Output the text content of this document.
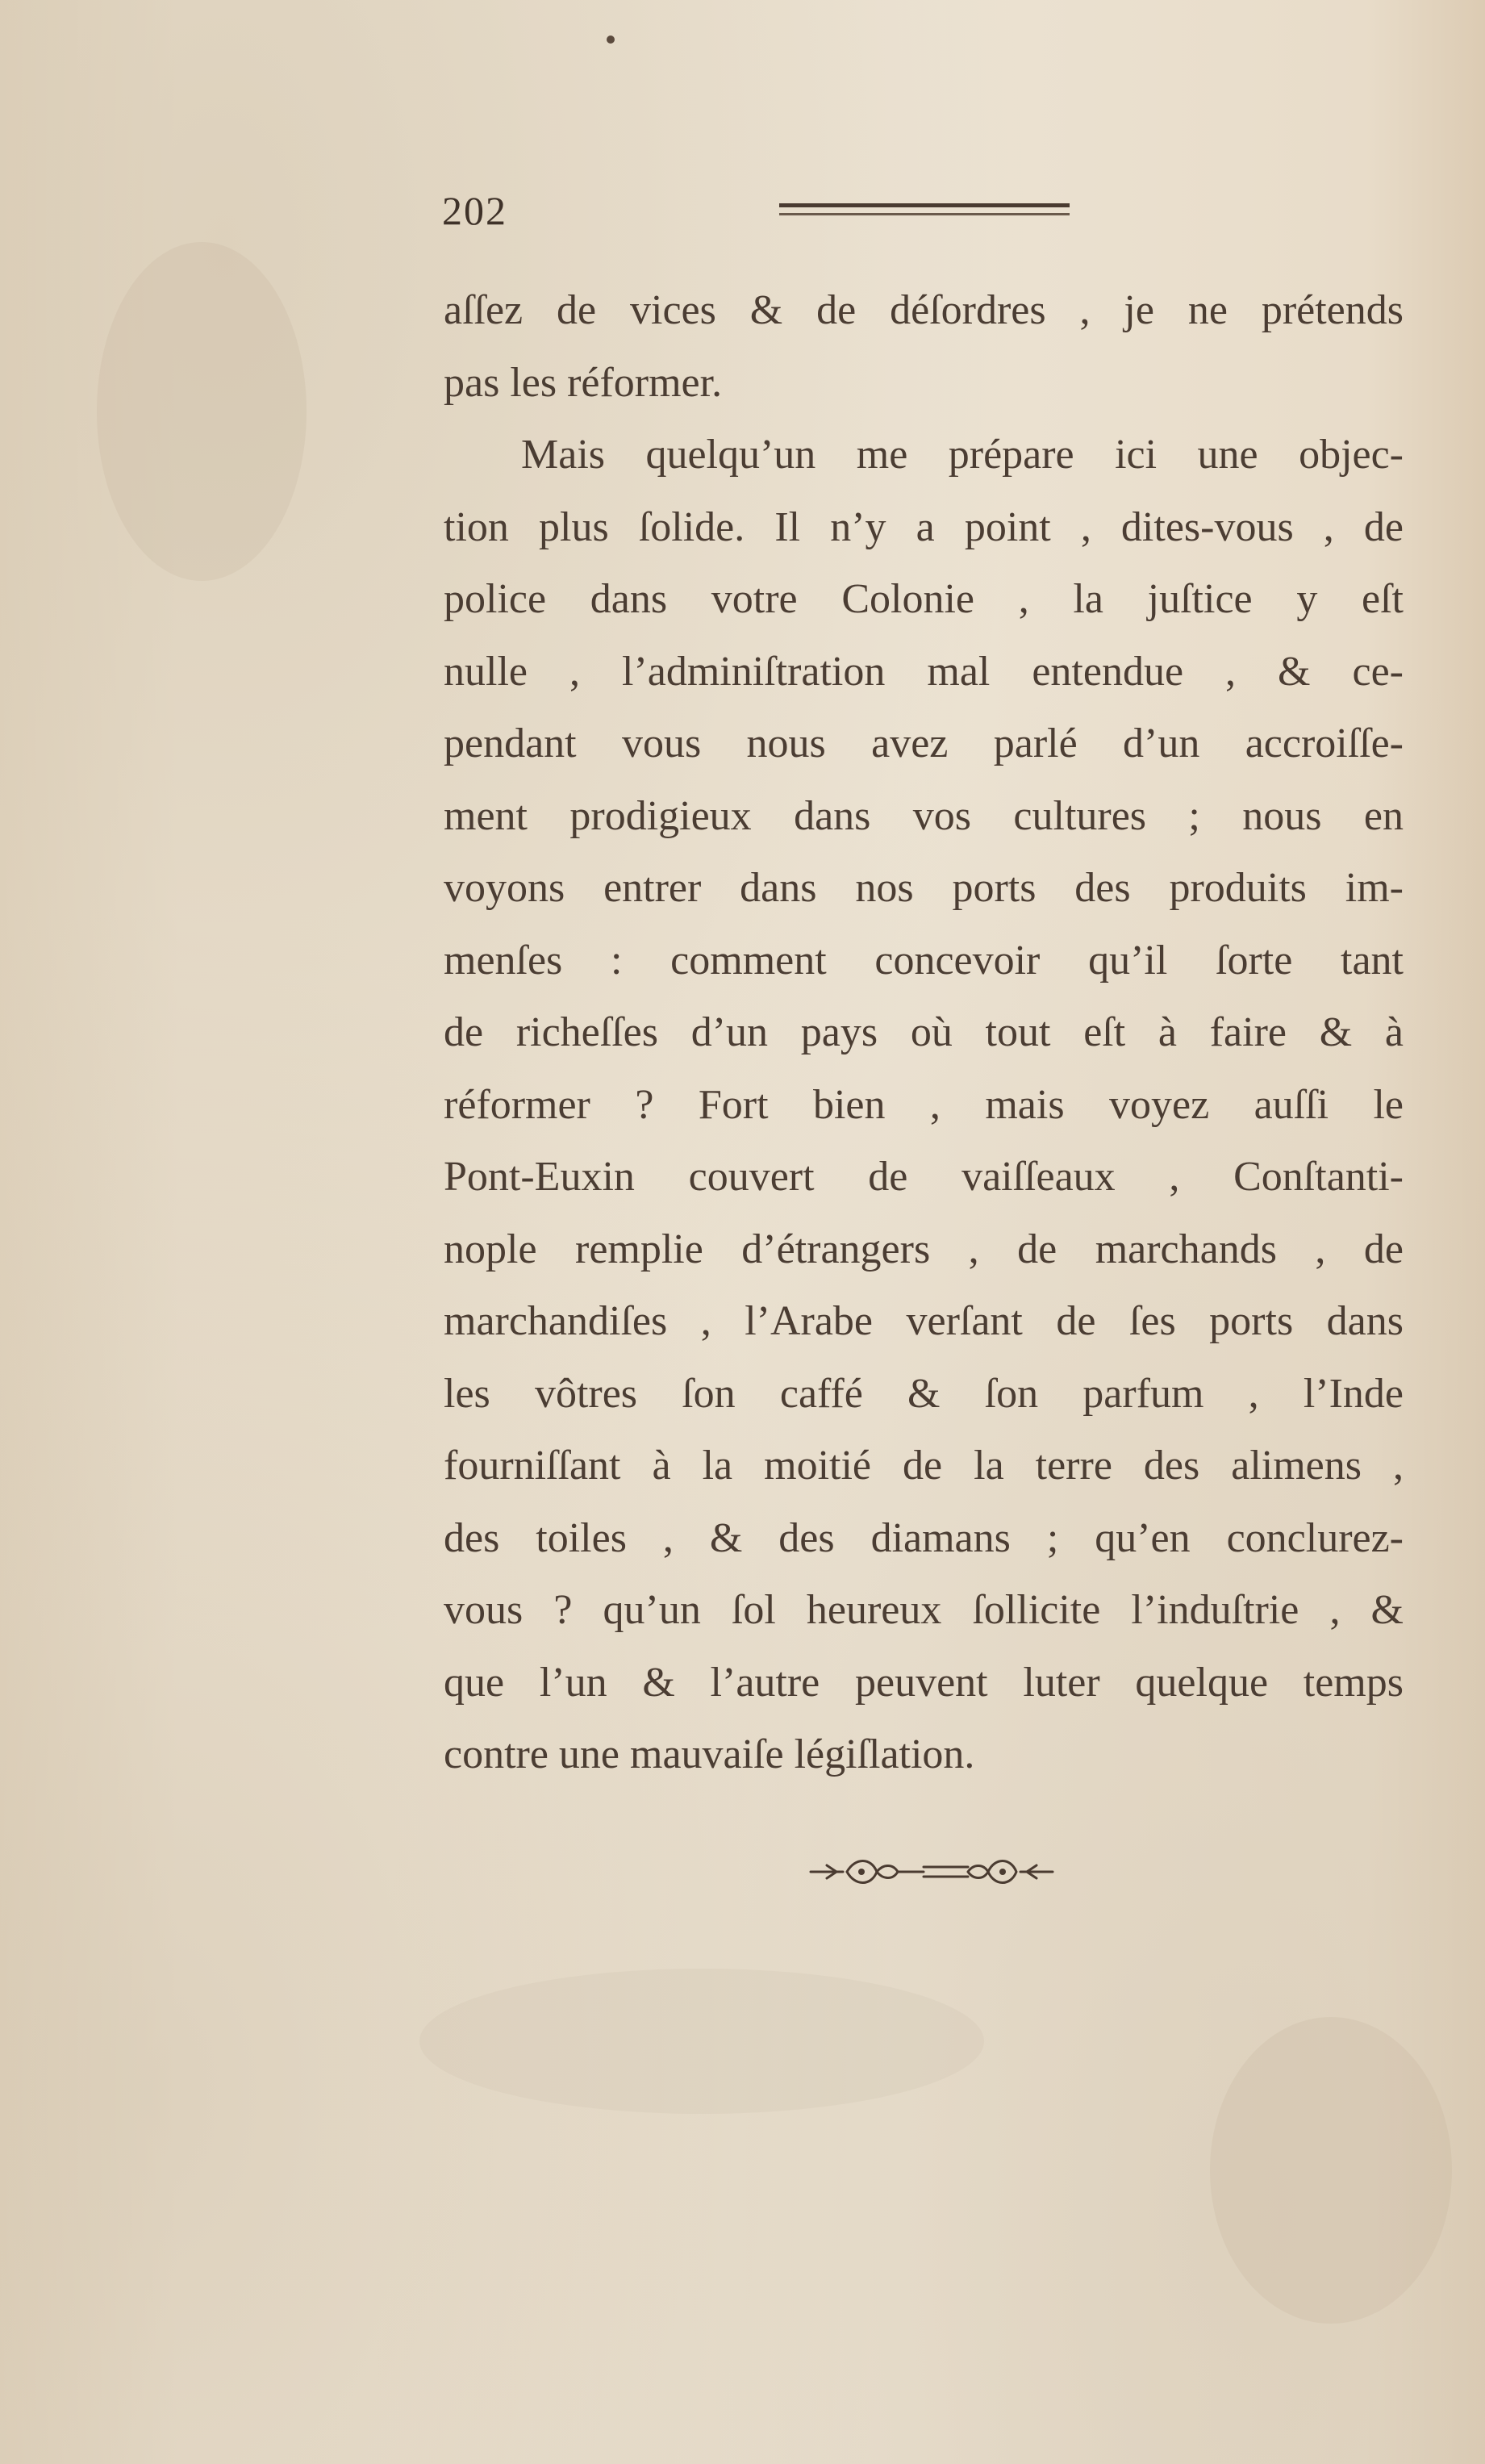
202
aſſez de vices & de déſordres , je ne prétends
pas les réformer.
Mais quelqu’un me prépare ici une objec-
tion plus ſolide. Il n’y a point , dites-vous , de
police dans votre Colonie , la juſtice y eſt
nulle , l’adminiſtration mal entendue , & ce-
pendant vous nous avez parlé d’un accroiſſe-
ment prodigieux dans vos cultures ; nous en
voyons entrer dans nos ports des produits im-
menſes : comment concevoir qu’il ſorte tant
de richeſſes d’un pays où tout eſt à faire & à
réformer ? Fort bien , mais voyez auſſi le
Pont-Euxin couvert de vaiſſeaux , Conſtanti-
nople remplie d’étrangers , de marchands , de
marchandiſes , l’Arabe verſant de ſes ports dans
les vôtres ſon caffé & ſon parfum , l’Inde
fourniſſant à la moitié de la terre des alimens ,
des toiles , & des diamans ; qu’en conclurez-
vous ? qu’un ſol heureux ſollicite l’induſtrie , &
que l’un & l’autre peuvent luter quelque temps
contre une mauvaiſe légiſlation.
